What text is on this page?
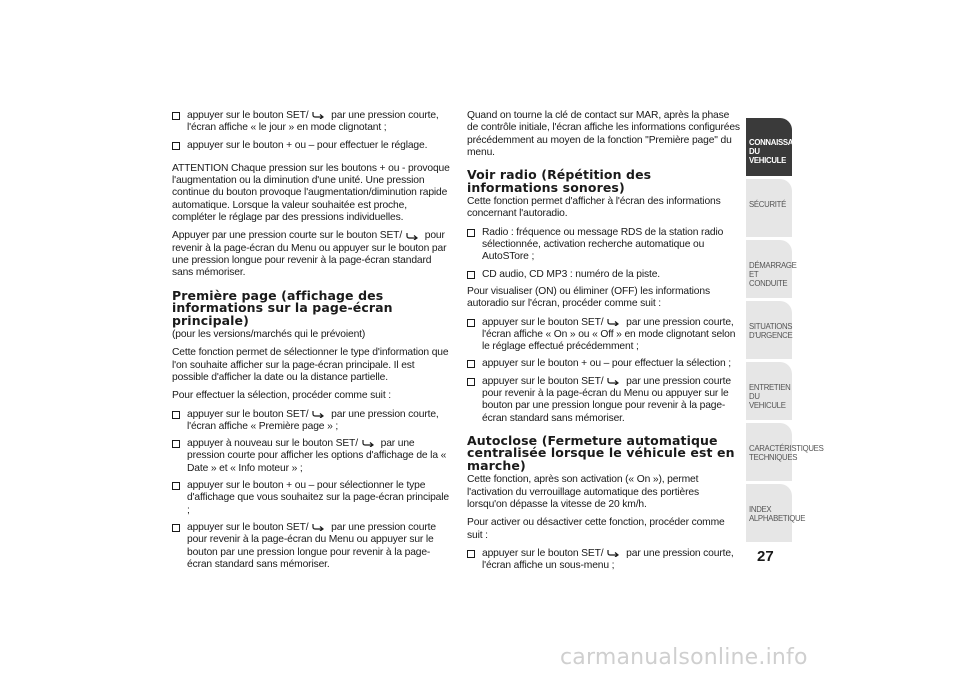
appuyer sur le bouton SET/ par une pression courte, l'écran affiche « le jour » en mode clignotant ;
appuyer sur le bouton + ou – pour effectuer le réglage.

ATTENTION Chaque pression sur les boutons + ou - provoque l'augmentation ou la diminution d'une unité. Une pression continue du bouton provoque l'augmentation/diminution rapide automatique. Lorsque la valeur souhaitée est proche, compléter le réglage par des pressions individuelles.

Appuyer par une pression courte sur le bouton SET/ pour revenir à la page-écran du Menu ou appuyer sur le bouton par une pression longue pour revenir à la page-écran standard sans mémoriser.

Première page (affichage des informations sur la page-écran principale)

(pour les versions/marchés qui le prévoient)

Cette fonction permet de sélectionner le type d'information que l'on souhaite afficher sur la page-écran principale. Il est possible d'afficher la date ou la distance partielle.

Pour effectuer la sélection, procéder comme suit :

appuyer sur le bouton SET/ par une pression courte, l'écran affiche « Première page » ;
appuyer à nouveau sur le bouton SET/ par une pression courte pour afficher les options d'affichage de la « Date » et « Info moteur » ;
appuyer sur le bouton + ou – pour sélectionner le type d'affichage que vous souhaitez sur la page-écran principale ;
appuyer sur le bouton SET/ par une pression courte pour revenir à la page-écran du Menu ou appuyer sur le bouton par une pression longue pour revenir à la page-écran standard sans mémoriser.

Quand on tourne la clé de contact sur MAR, après la phase de contrôle initiale, l'écran affiche les informations configurées précédemment au moyen de la fonction "Première page" du menu.

Voir radio (Répétition des informations sonores)

Cette fonction permet d'afficher à l'écran des informations concernant l'autoradio.

Radio : fréquence ou message RDS de la station radio sélectionnée, activation recherche automatique ou AutoSTore ;
CD audio, CD MP3 : numéro de la piste.

Pour visualiser (ON) ou éliminer (OFF) les informations autoradio sur l'écran, procéder comme suit :

appuyer sur le bouton SET/ par une pression courte, l'écran affiche « On » ou « Off » en mode clignotant selon le réglage effectué précédemment ;
appuyer sur le bouton + ou – pour effectuer la sélection ;
appuyer sur le bouton SET/ par une pression courte pour revenir à la page-écran du Menu ou appuyer sur le bouton par une pression longue pour revenir à la page-écran standard sans mémoriser.
Autoclose (Fermeture automatique centralisée lorsque le véhicule est en marche)

Cette fonction, après son activation (« On »), permet l'activation du verrouillage automatique des portières lorsqu'on dépasse la vitesse de 20 km/h.

Pour activer ou désactiver cette fonction, procéder comme suit :

appuyer sur le bouton SET/ par une pression courte, l'écran affiche un sous-menu ;
CONNAISSANCE DU VEHICULE
SÉCURITÉ
DÉMARRAGE ET CONDUITE
SITUATIONS D'URGENCE
ENTRETIEN DU VEHICULE
CARACTÉRISTIQUES TECHNIQUES
INDEX ALPHABETIQUE
27
carmanualsonline.info
